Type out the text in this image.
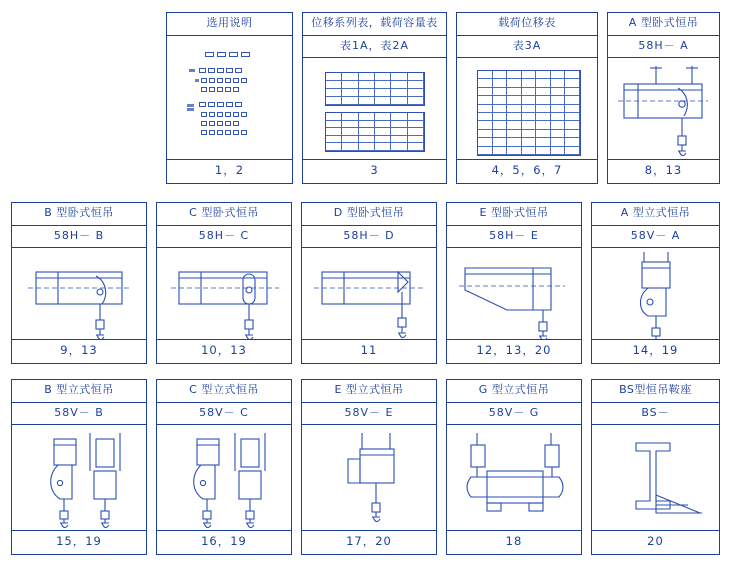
选用说明
1，2
位移系列表，载荷容量表
表1A，表2A
3
载荷位移表
表3A
4，5，6，7
A 型卧式恒吊
58H－ A
8，13
B 型卧式恒吊
58H－ B
9，13
C 型卧式恒吊
58H－ C
10，13
D 型卧式恒吊
58H－ D
11
E 型卧式恒吊
58H－ E
12，13，20
A 型立式恒吊
58V－ A
14，19
B 型立式恒吊
58V－ B
15，19
C 型立式恒吊
58V－ C
16，19
E 型立式恒吊
58V－ E
17，20
G 型立式恒吊
58V－ G
18
BS型恒吊鞍座
BS－
20
